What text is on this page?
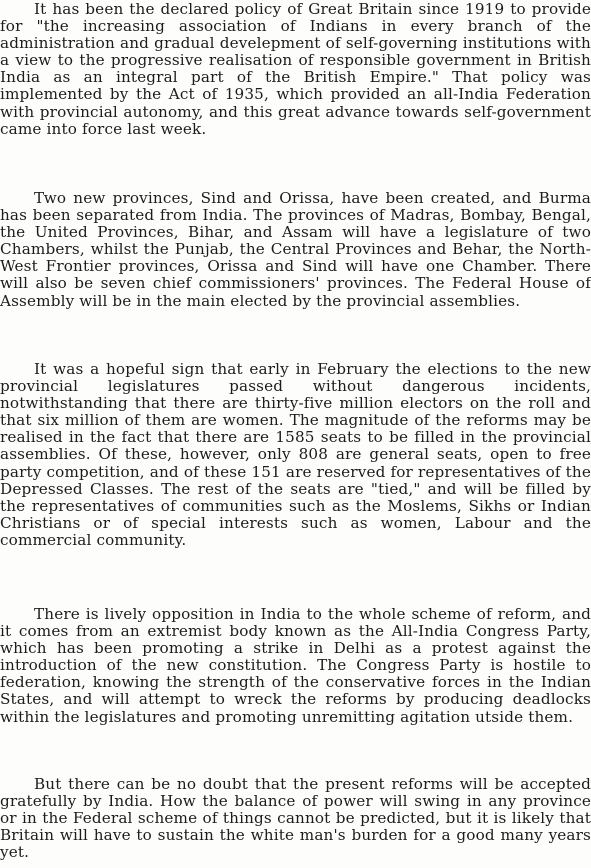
It has been the declared policy of Great Britain since 1919 to provide for "the increasing association of Indians in every branch of the administration and gradual develepment of self-governing institutions with a view to the progressive realisation of responsible government in British India as an integral part of the British Empire." That policy was implemented by the Act of 1935, which provided an all-India Federation with provincial autonomy, and this great advance towards self-government came into force last week.

Two new provinces, Sind and Orissa, have been created, and Burma has been separated from India. The provinces of Madras, Bombay, Bengal, the United Provinces, Bihar, and Assam will have a legislature of two Chambers, whilst the Punjab, the Central Provinces and Behar, the North-West Frontier provinces, Orissa and Sind will have one Chamber. There will also be seven chief commissioners' provinces. The Federal House of Assembly will be in the main elected by the provincial assemblies.

It was a hopeful sign that early in February the elections to the new provincial legislatures passed without dangerous incidents, notwithstanding that there are thirty-five million electors on the roll and that six million of them are women. The magnitude of the reforms may be realised in the fact that there are 1585 seats to be filled in the provincial assemblies. Of these, however, only 808 are general seats, open to free party competition, and of these 151 are reserved for representatives of the Depressed Classes. The rest of the seats are "tied," and will be filled by the representatives of communities such as the Moslems, Sikhs or Indian Christians or of special interests such as women, Labour and the commercial community.

There is lively opposition in India to the whole scheme of reform, and it comes from an extremist body known as the All-India Congress Party, which has been promoting a strike in Delhi as a protest against the introduction of the new constitution. The Congress Party is hostile to federation, knowing the strength of the conservative forces in the Indian States, and will attempt to wreck the reforms by producing deadlocks within the legislatures and promoting unremitting agitation utside them.

But there can be no doubt that the present reforms will be accepted gratefully by India. How the balance of power will swing in any province or in the Federal scheme of things cannot be predicted, but it is likely that Britain will have to sustain the white man's burden for a good many years yet.
